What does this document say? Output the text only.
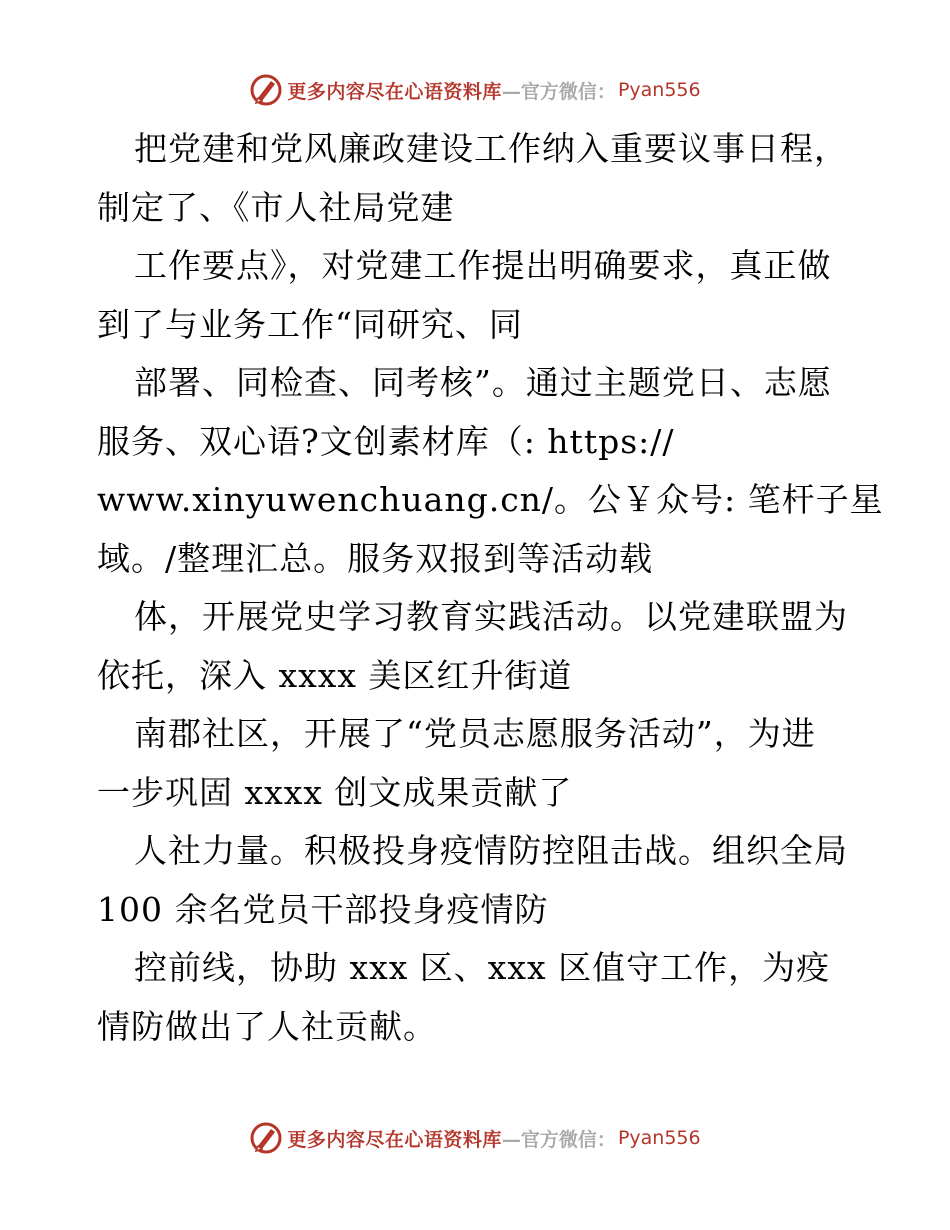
更多内容尽在心语资料库 —官方微信： Pyan556
把党建和党风廉政建设工作纳入重要议事日程，
制定了、《市人社局党建
工作要点》，对党建工作提出明确要求，真正做
到了与业务工作“同研究、同
部署、同检查、同考核”。通过主题党日、志愿
服务、双心语?文创素材库（: https://
www.xinyuwenchuang.cn/。公￥众号: 笔杆子星
域。/整理汇总。服务双报到等活动载
体，开展党史学习教育实践活动。以党建联盟为
依托，深入 xxxx 美区红升街道
南郡社区，开展了“党员志愿服务活动”，为进
一步巩固 xxxx 创文成果贡献了
人社力量。积极投身疫情防控阻击战。组织全局
100 余名党员干部投身疫情防
控前线，协助 xxx 区、xxx 区值守工作，为疫
情防做出了人社贡献。
更多内容尽在心语资料库 —官方微信： Pyan556
